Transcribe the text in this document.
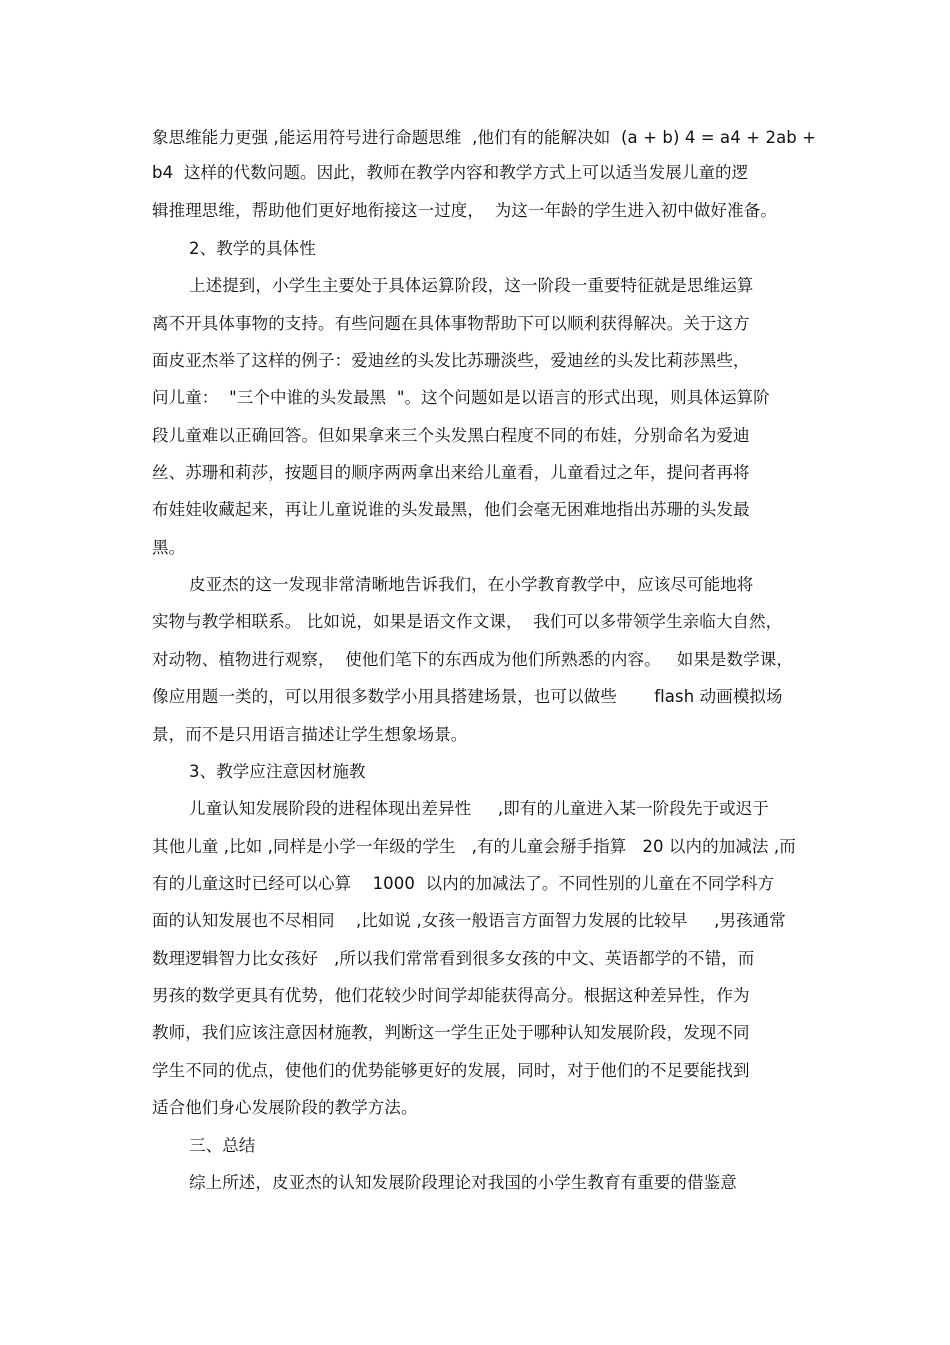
象思维能力更强 ,能运用符号进行命题思维  ,他们有的能解决如  (a + b) 4 = a4 + 2ab +
b4  这样的代数问题。因此，教师在教学内容和教学方式上可以适当发展儿童的逻
辑推理思维，帮助他们更好地衔接这一过度，  为这一年龄的学生进入初中做好准备。
2、教学的具体性
上述提到，小学生主要处于具体运算阶段，这一阶段一重要特征就是思维运算
离不开具体事物的支持。有些问题在具体事物帮助下可以顺利获得解决。关于这方
面皮亚杰举了这样的例子：爱迪丝的头发比苏珊淡些，爱迪丝的头发比莉莎黑些，
问儿童：  "三个中谁的头发最黑  "。这个问题如是以语言的形式出现，则具体运算阶
段儿童难以正确回答。但如果拿来三个头发黑白程度不同的布娃，分别命名为爱迪
丝、苏珊和莉莎，按题目的顺序两两拿出来给儿童看，儿童看过之年，提问者再将
布娃娃收藏起来，再让儿童说谁的头发最黑，他们会毫无困难地指出苏珊的头发最
黑。
皮亚杰的这一发现非常清晰地告诉我们，在小学教育教学中，应该尽可能地将
实物与教学相联系。 比如说，如果是语文作文课，  我们可以多带领学生亲临大自然，
对动物、植物进行观察，  使他们笔下的东西成为他们所熟悉的内容。   如果是数学课，
像应用题一类的，可以用很多数学小用具搭建场景，也可以做些       flash 动画模拟场
景，而不是只用语言描述让学生想象场景。
3、教学应注意因材施教
儿童认知发展阶段的进程体现出差异性     ,即有的儿童进入某一阶段先于或迟于
其他儿童 ,比如 ,同样是小学一年级的学生   ,有的儿童会掰手指算   20 以内的加减法 ,而
有的儿童这时已经可以心算    1000  以内的加减法了。不同性别的儿童在不同学科方
面的认知发展也不尽相同    ,比如说 ,女孩一般语言方面智力发展的比较早     ,男孩通常
数理逻辑智力比女孩好   ,所以我们常常看到很多女孩的中文、英语都学的不错，而
男孩的数学更具有优势，他们花较少时间学却能获得高分。根据这种差异性，作为
教师，我们应该注意因材施教，判断这一学生正处于哪种认知发展阶段，发现不同
学生不同的优点，使他们的优势能够更好的发展，同时，对于他们的不足要能找到
适合他们身心发展阶段的教学方法。
三、总结
综上所述，皮亚杰的认知发展阶段理论对我国的小学生教育有重要的借鉴意
